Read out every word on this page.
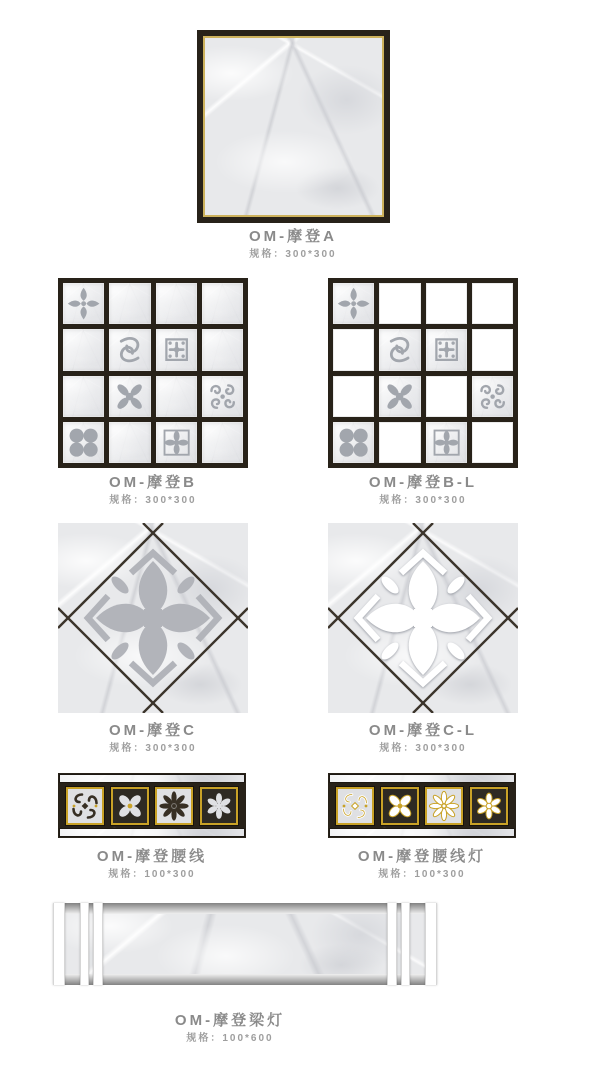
OM-摩登A
规格：300*300
OM-摩登B
规格：300*300
OM-摩登B-L
规格：300*300
OM-摩登C
规格：300*300
OM-摩登C-L
规格：300*300
OM-摩登腰线
规格：100*300
OM-摩登腰线灯
规格：100*300
OM-摩登梁灯
规格：100*600
